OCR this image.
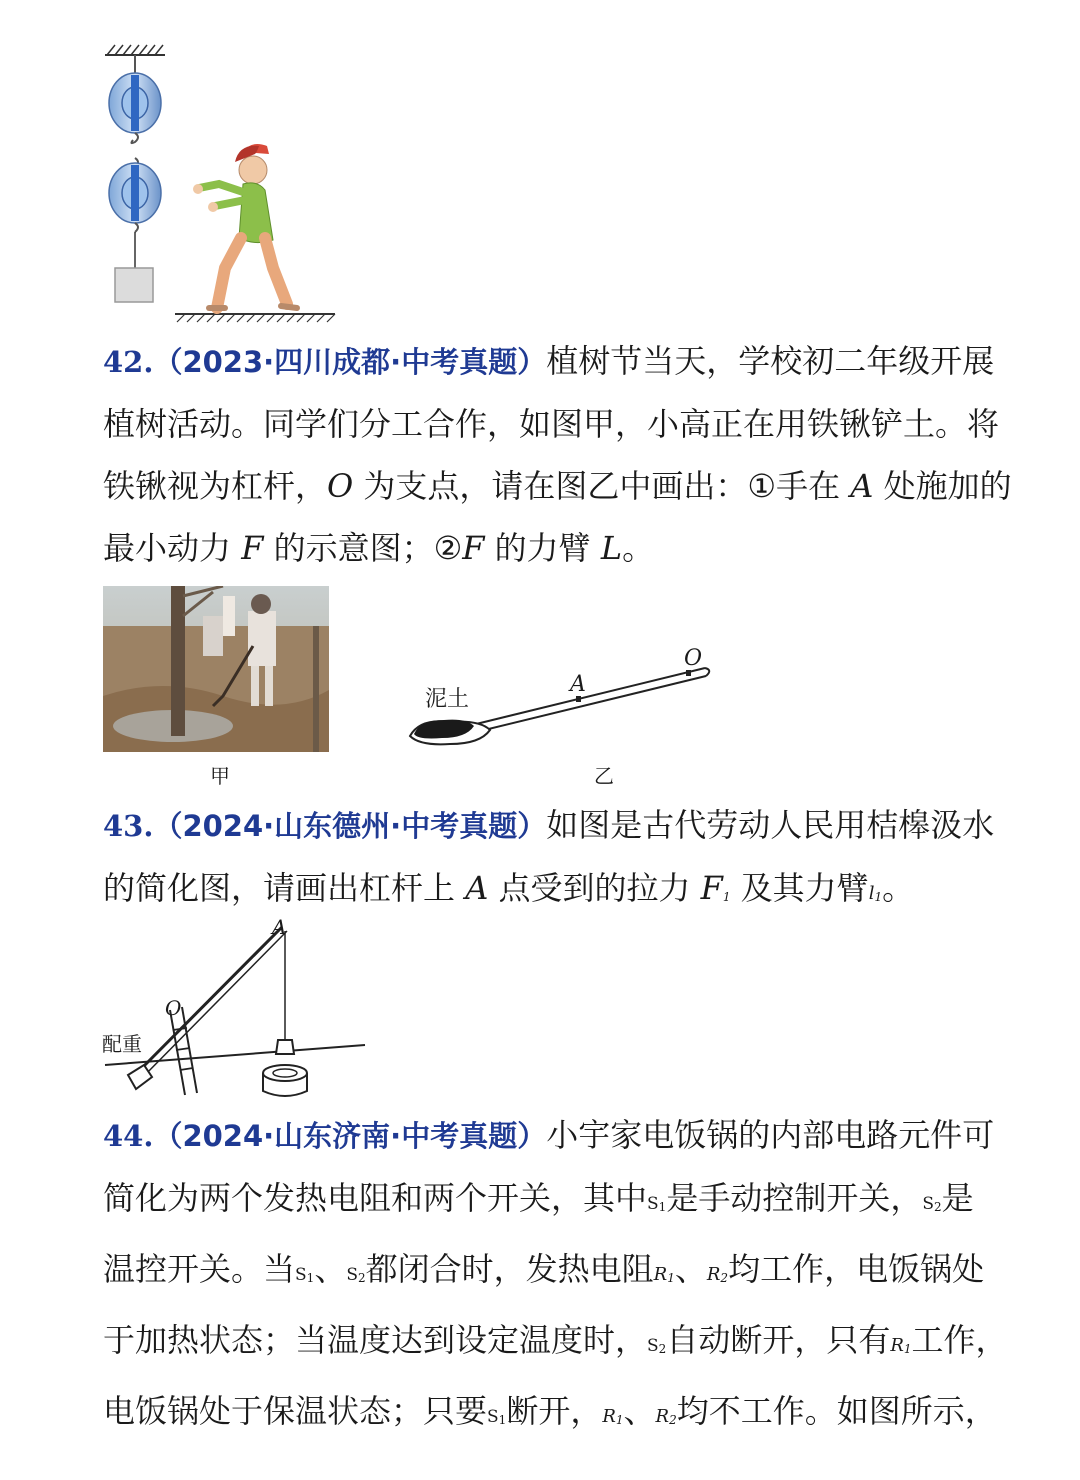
42.（2023·四川成都·中考真题）植树节当天，学校初二年级开展
植树活动。同学们分工合作，如图甲，小高正在用铁锹铲土。将
铁锹视为杠杆，O 为支点，请在图乙中画出：①手在 A 处施加的
最小动力 F 的示意图；②F 的力臂 L。
甲
泥土
A
O
乙
43.（2024·山东德州·中考真题）如图是古代劳动人民用桔槔汲水
的简化图，请画出杠杆上 A 点受到的拉力 F1 及其力臂l1。
A
O
配重
44.（2024·山东济南·中考真题）小宇家电饭锅的内部电路元件可
简化为两个发热电阻和两个开关，其中S1是手动控制开关，S2是
温控开关。当S1、S2都闭合时，发热电阻R1、R2均工作，电饭锅处
于加热状态；当温度达到设定温度时，S2自动断开，只有R1工作，
电饭锅处于保温状态；只要S1断开，R1、R2均不工作。如图所示，
